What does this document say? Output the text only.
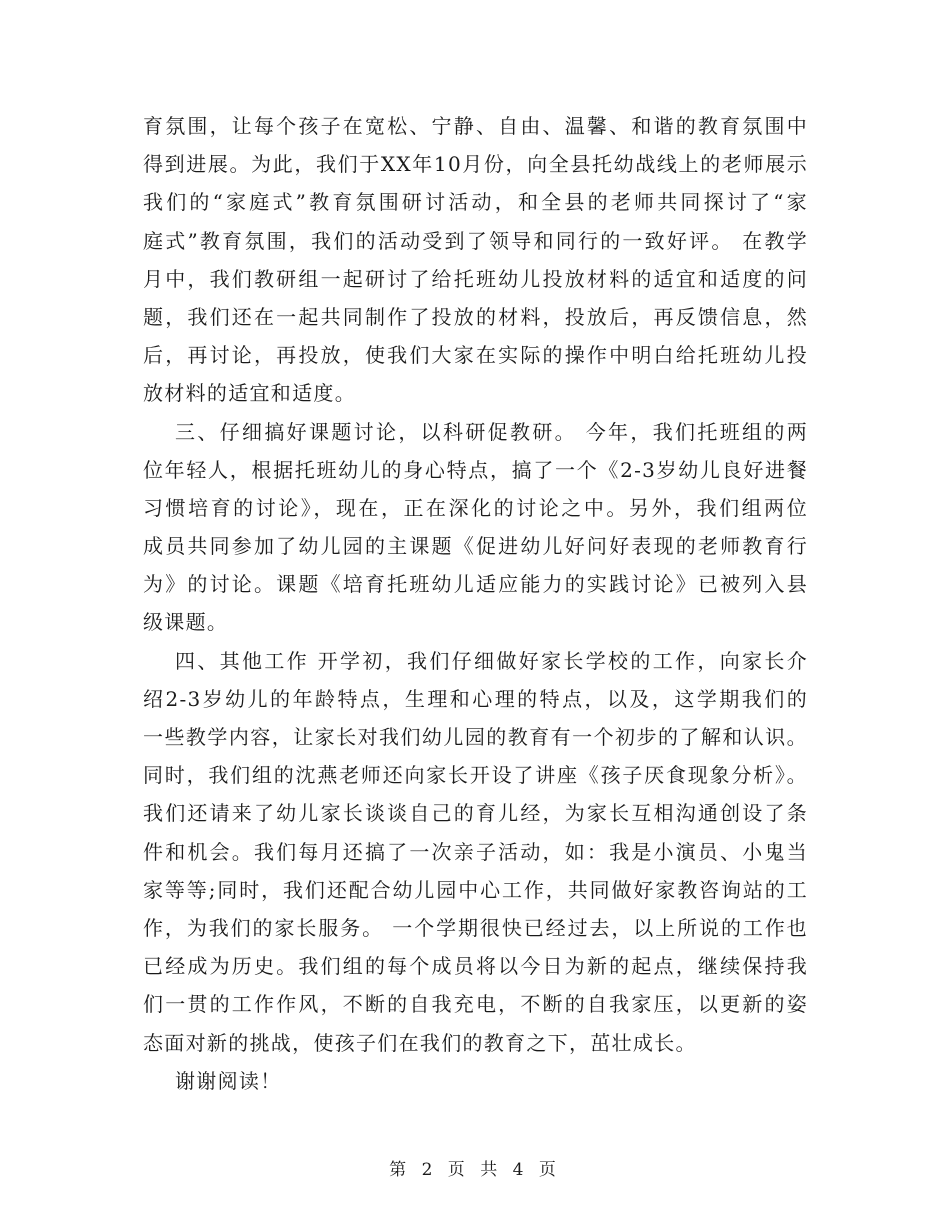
育氛围，让每个孩子在宽松、宁静、自由、温馨、和谐的教育氛围中
得到进展。为此，我们于XX年10月份，向全县托幼战线上的老师展示
我们的“家庭式”教育氛围研讨活动，和全县的老师共同探讨了“家
庭式”教育氛围，我们的活动受到了领导和同行的一致好评。 在教学
月中，我们教研组一起研讨了给托班幼儿投放材料的适宜和适度的问
题，我们还在一起共同制作了投放的材料，投放后，再反馈信息，然
后，再讨论，再投放，使我们大家在实际的操作中明白给托班幼儿投
放材料的适宜和适度。
三、仔细搞好课题讨论，以科研促教研。 今年，我们托班组的两
位年轻人，根据托班幼儿的身心特点，搞了一个《2-3岁幼儿良好进餐
习惯培育的讨论》，现在，正在深化的讨论之中。另外，我们组两位
成员共同参加了幼儿园的主课题《促进幼儿好问好表现的老师教育行
为》的讨论。课题《培育托班幼儿适应能力的实践讨论》已被列入县
级课题。
四、其他工作 开学初，我们仔细做好家长学校的工作，向家长介
绍2-3岁幼儿的年龄特点，生理和心理的特点，以及，这学期我们的
一些教学内容，让家长对我们幼儿园的教育有一个初步的了解和认识。
同时，我们组的沈燕老师还向家长开设了讲座《孩子厌食现象分析》。
我们还请来了幼儿家长谈谈自己的育儿经，为家长互相沟通创设了条
件和机会。我们每月还搞了一次亲子活动，如：我是小演员、小鬼当
家等等;同时，我们还配合幼儿园中心工作，共同做好家教咨询站的工
作，为我们的家长服务。 一个学期很快已经过去，以上所说的工作也
已经成为历史。我们组的每个成员将以今日为新的起点，继续保持我
们一贯的工作作风，不断的自我充电，不断的自我家压，以更新的姿
态面对新的挑战，使孩子们在我们的教育之下，茁壮成长。
谢谢阅读！
第 2 页 共 4 页
